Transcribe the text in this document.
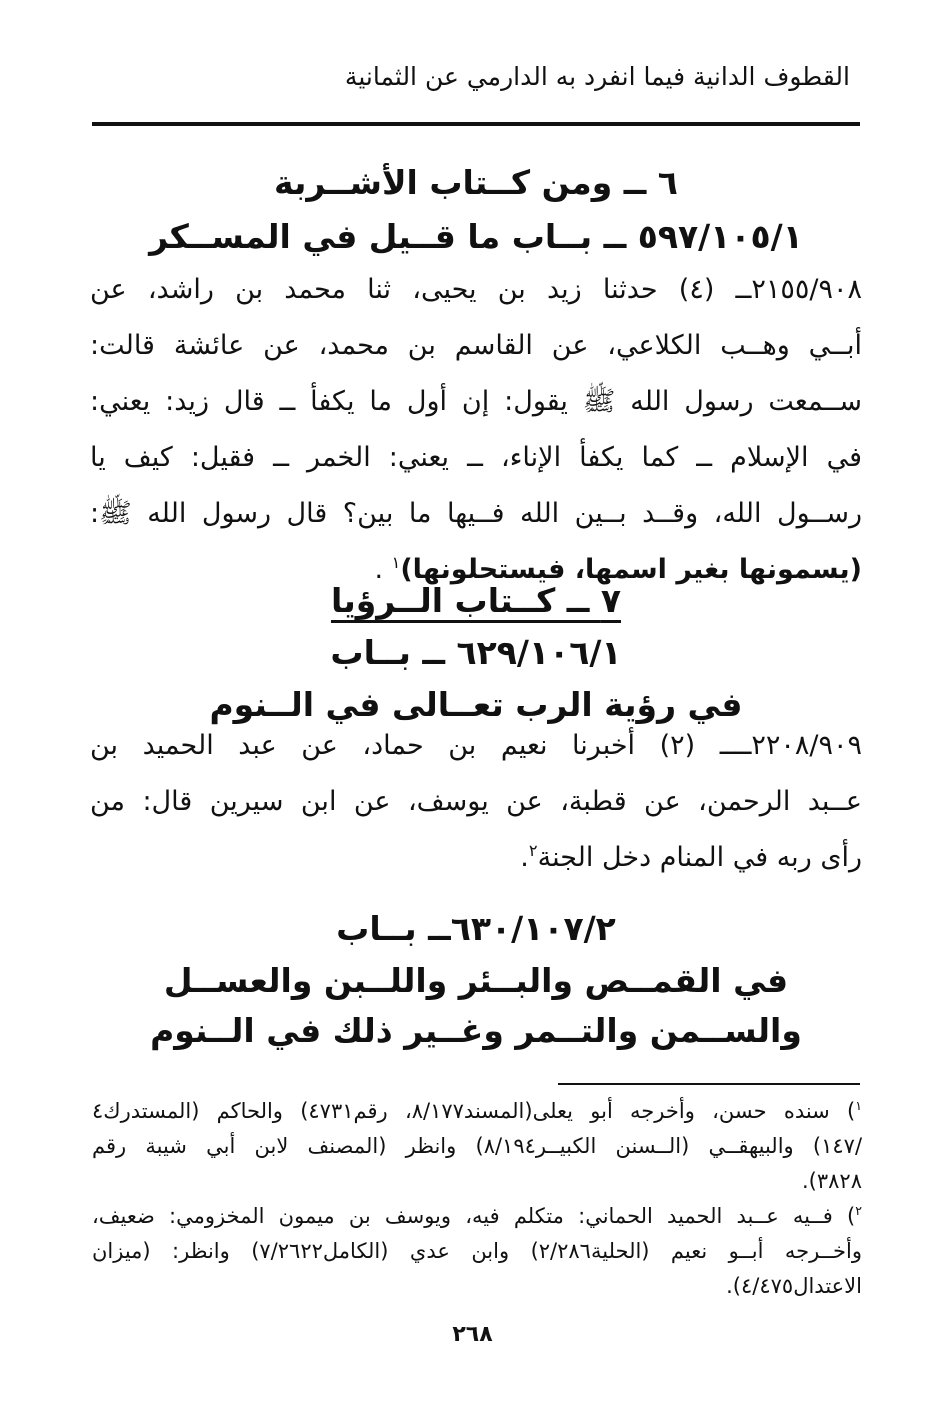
القطوف الدانية فيما انفرد به الدارمي عن الثمانية
٦ ــ ومن كــتاب الأشــربة
٥٩٧/١٠٥/١ ــ بــاب ما قــيل في المســكر
٢١٥٥/٩٠٨ــ (٤) حدثنا زيد بن يحيى، ثنا محمد بن راشد، عن
أبــي وهــب الكلاعي، عن القاسم بن محمد، عن عائشة قالت:
ســمعت رسول الله ﷺ يقول: إن أول ما يكفأ ــ قال زيد: يعني:
في الإسلام ــ كما يكفأ الإناء، ــ يعني: الخمر ــ فقيل: كيف يا
رســول الله، وقــد بــين الله فــيها ما بين؟ قال رسول الله ﷺ:
(يسمونها بغير اسمها، فيستحلونها)$^١$ .
٧ ــ كــتاب الــرؤيا
٦٢٩/١٠٦/١ ــ بــاب
في رؤية الرب تعــالى في الــنوم
٢٢٠٨/٩٠٩ــــ (٢) أخبرنا نعيم بن حماد، عن عبد الحميد بن
عــبد الرحمن، عن قطبة، عن يوسف، عن ابن سيرين قال: من
رأى ربه في المنام دخل الجنة$^٢$.
٦٣٠/١٠٧/٢ــ بــاب
في القمــص والبــئر واللــبن والعســل
والســمن والتــمر وغــير ذلك في الــنوم
$^١$) سنده حسن، وأخرجه أبو يعلى(المسند٨/١٧٧، رقم٤٧٣١) والحاكم (المستدرك٤
/١٤٧) والبيهقــي (الــسنن الكبيــر٨/١٩٤) وانظر (المصنف لابن أبي شيبة رقم
٣٨٢٨).
$^٢$) فــيه عــبد الحميد الحماني: متكلم فيه، ويوسف بن ميمون المخزومي: ضعيف،
وأخــرجه أبــو نعيم (الحلية٢/٢٨٦) وابن عدي (الكامل٧/٢٦٢٢) وانظر: (ميزان
الاعتدال٤/٤٧٥).
٢٦٨
